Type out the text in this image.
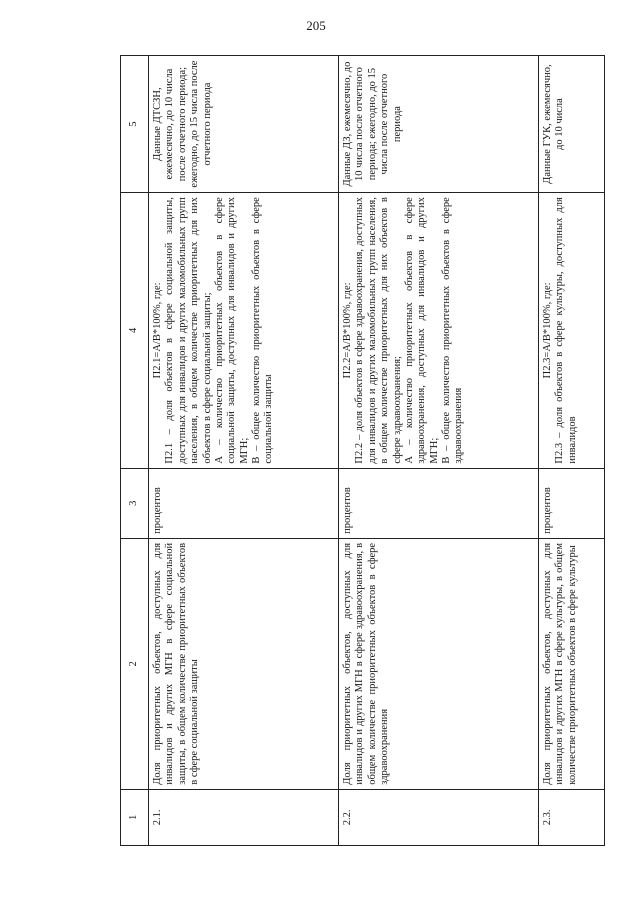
205
1	2	3	4	5
2.1.	Доля приоритетных объектов, доступных для инвалидов и других МГН в сфере социальной защиты, в общем количестве приоритетных объектов в сфере социальной защиты	процентов	П2.1=А/В*100%, где: П2.1 – доля объектов в сфере социальной защиты, доступных для инвалидов и других маломобильных групп населения, в общем количестве приоритетных для них объектов в сфере социальной защиты; А – количество приоритетных объектов в сфере социальной защиты, доступных для инвалидов и других МГН; В – общее количество приоритетных объектов в сфере социальной защиты	Данные ДТСЗН, ежемесячно, до 10 числа после отчетного периода; ежегодно, до 15 числа после отчетного периода
2.2.	Доля приоритетных объектов, доступных для инвалидов и других МГН в сфере здравоохранения, в общем количестве приоритетных объектов в сфере здравоохранения	процентов	П2.2=А/В*100%, где: П2.2 – доля объектов в сфере здравоохранения, доступных для инвалидов и других маломобильных групп населения, в общем количестве приоритетных для них объектов в сфере здравоохранения; А – количество приоритетных объектов в сфере здравоохранения, доступных для инвалидов и других МГН; В – общее количество приоритетных объектов в сфере здравоохранения	Данные ДЗ, ежемесячно, до 10 числа после отчетного периода; ежегодно, до 15 числа после отчетного периода
2.3.	Доля приоритетных объектов, доступных для инвалидов и других МГН в сфере культуры, в общем количестве приоритетных объектов в сфере культуры	процентов	П2.3=А/В*100%, где: П2.3 – доля объектов в сфере культуры, доступных для инвалидов	Данные ГУК, ежемесячно, до 10 числа
